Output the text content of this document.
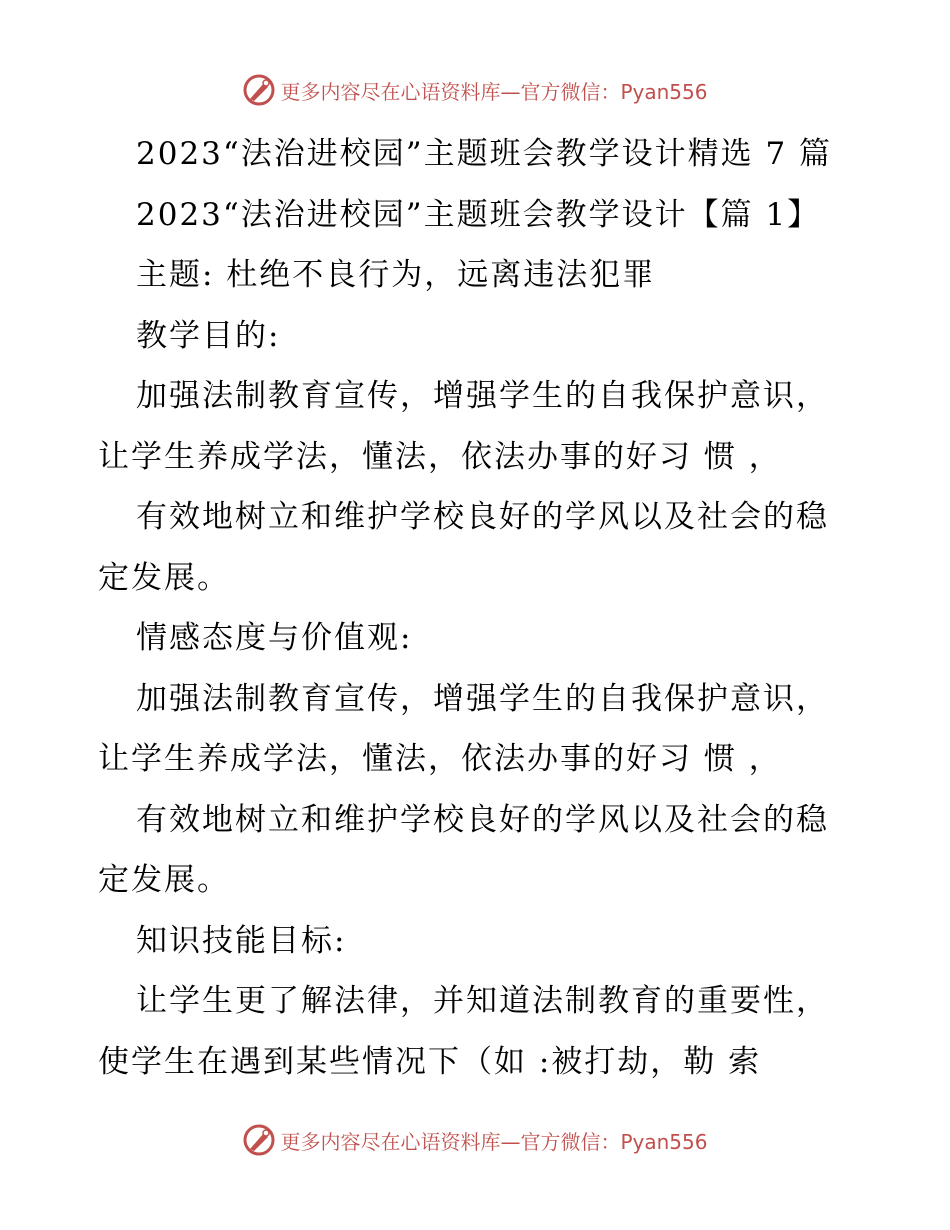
更多内容尽在心语资料库—官方微信：Pyan556

2023“法治进校园”主题班会教学设计精选 7 篇

2023“法治进校园”主题班会教学设计【篇 1】

主题: 杜绝不良行为，远离违法犯罪

教学目的:

加强法制教育宣传，增强学生的自我保护意识，让学生养成学法，懂法，依法办事的好习 惯 ，

有效地树立和维护学校良好的学风以及社会的稳定发展。

情感态度与价值观:

加强法制教育宣传，增强学生的自我保护意识，让学生养成学法，懂法，依法办事的好习 惯 ，

有效地树立和维护学校良好的学风以及社会的稳定发展。

知识技能目标:

让学生更了解法律，并知道法制教育的重要性，使学生在遇到某些情况下（如 :被打劫，勒 索

更多内容尽在心语资料库—官方微信：Pyan556
